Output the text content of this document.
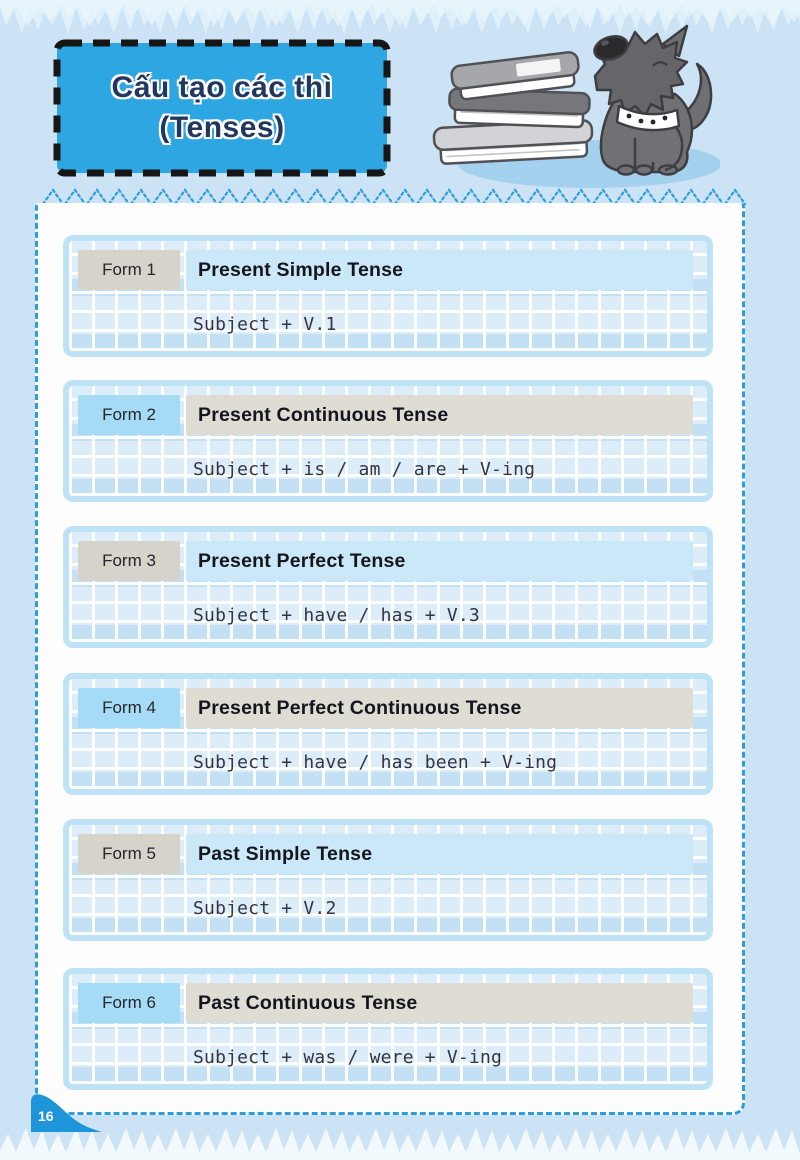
Cấu tạo các thì
(Tenses)
Form 1	Present Simple Tense
Subject + V.1
Form 2	Present Continuous Tense
Subject + is / am / are + V-ing
Form 3	Present Perfect Tense
Subject + have / has + V.3
Form 4	Present Perfect Continuous Tense
Subject + have / has been + V-ing
Form 5	Past Simple Tense
Subject + V.2
Form 6	Past Continuous Tense
Subject + was / were + V-ing
16
